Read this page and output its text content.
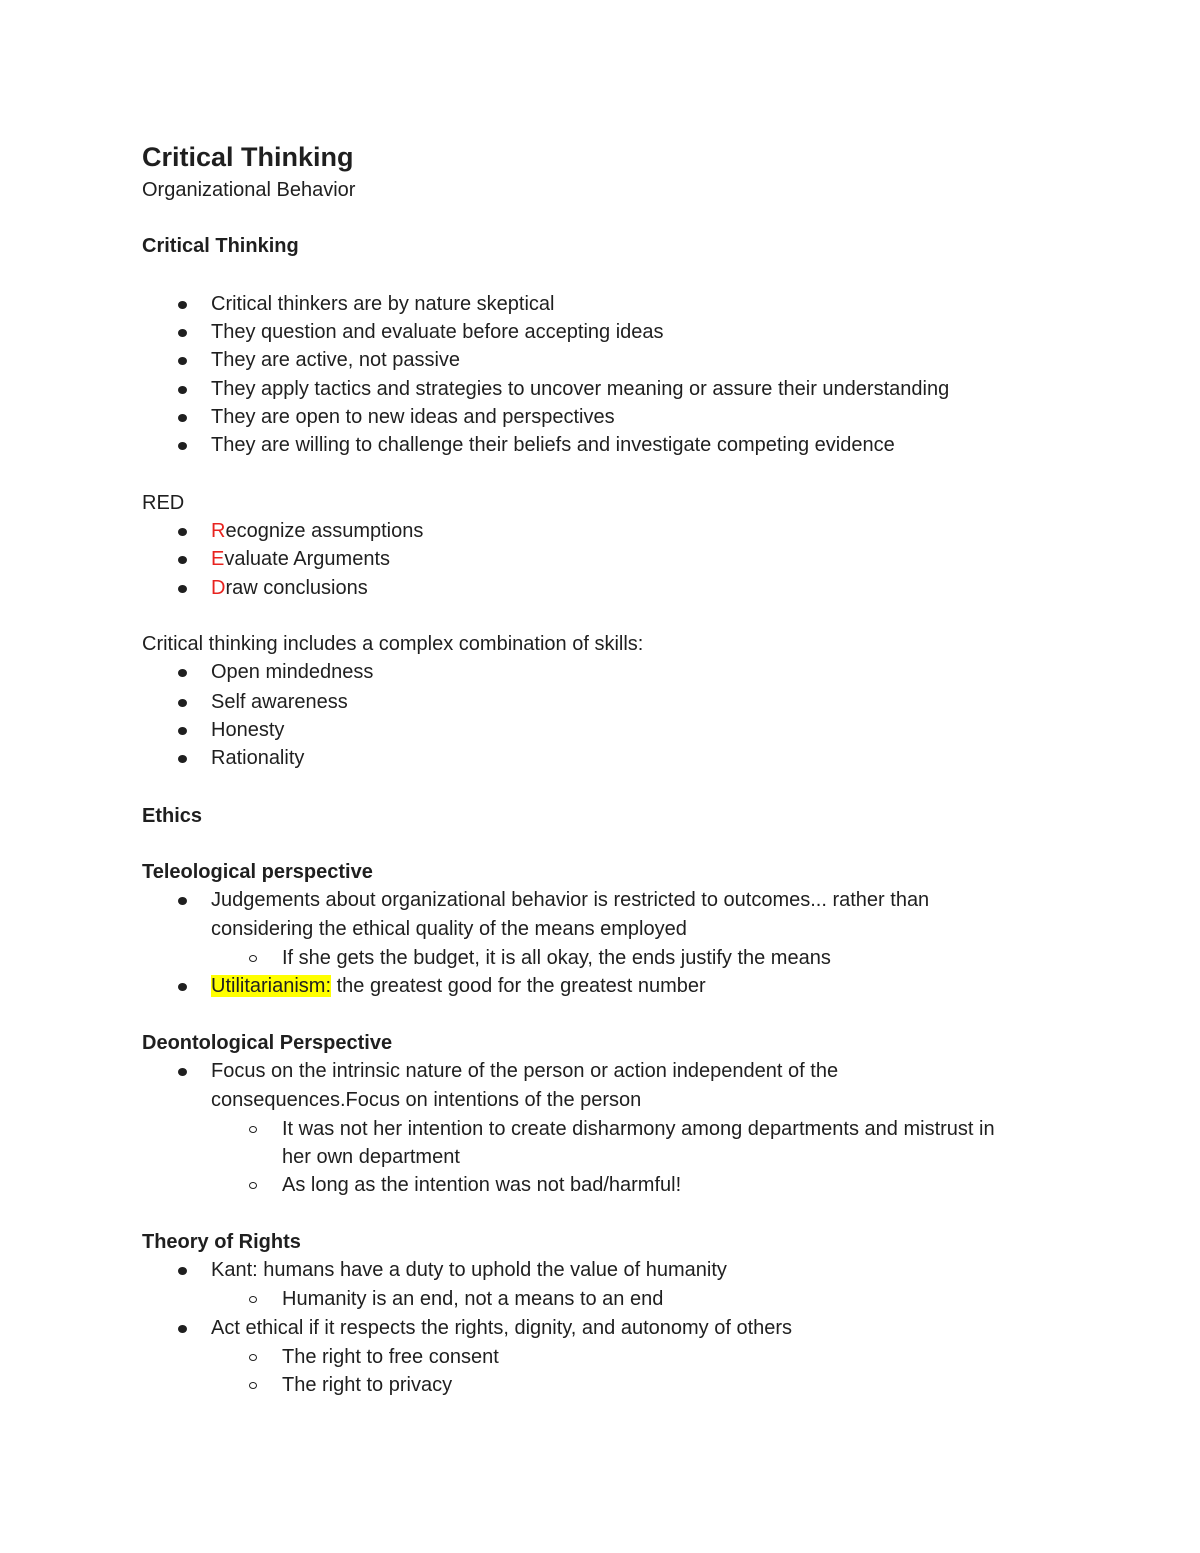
Critical Thinking
Organizational Behavior
Critical Thinking
Critical thinkers are by nature skeptical
They question and evaluate before accepting ideas
They are active, not passive
They apply tactics and strategies to uncover meaning or assure their understanding
They are open to new ideas and perspectives
They are willing to challenge their beliefs and investigate competing evidence
RED
Recognize assumptions
Evaluate Arguments
Draw conclusions
Critical thinking includes a complex combination of skills:
Open mindedness
Self awareness
Honesty
Rationality
Ethics
Teleological perspective
Judgements about organizational behavior is restricted to outcomes... rather than
considering the ethical quality of the means employed
If she gets the budget, it is all okay, the ends justify the means
Utilitarianism: the greatest good for the greatest number
Deontological Perspective
Focus on the intrinsic nature of the person or action independent of the
consequences.Focus on intentions of the person
It was not her intention to create disharmony among departments and mistrust in
her own department
As long as the intention was not bad/harmful!
Theory of Rights
Kant: humans have a duty to uphold the value of humanity
Humanity is an end, not a means to an end
Act ethical if it respects the rights, dignity, and autonomy of others
The right to free consent
The right to privacy
